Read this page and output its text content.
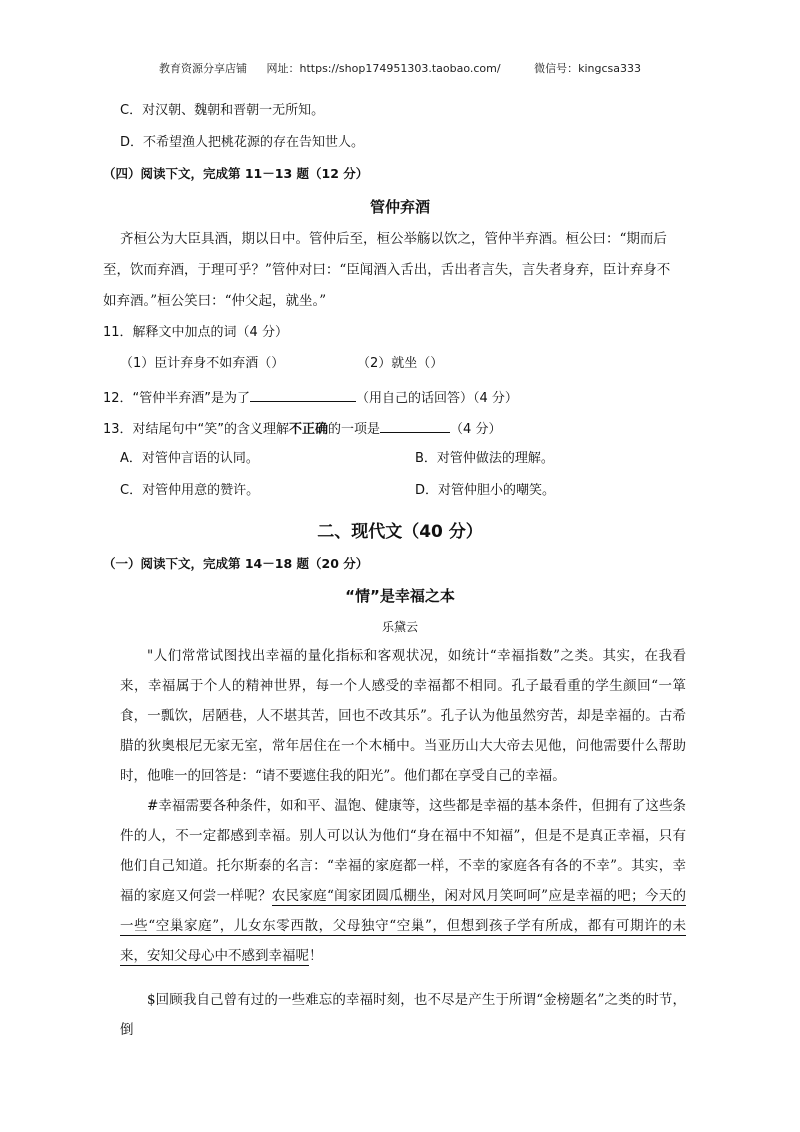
教育资源分享店铺 网址：https://shop174951303.taobao.com/	微信号：kingcsa333
C．对汉朝、魏朝和晋朝一无所知。
D．不希望渔人把桃花源的存在告知世人。
（四）阅读下文，完成第 11－13 题（12 分）
管仲弃酒
齐桓公为大臣具酒，期以日中。管仲后至，桓公举觞以饮之，管仲半弃酒。桓公曰：“期而后
至，饮而弃酒，于理可乎？”管仲对曰：“臣闻酒入舌出，舌出者言失，言失者身弃，臣计弃身不
如弃酒。”桓公笑曰：“仲父起，就坐。”
11．解释文中加点的词（4 分）
（1）臣计弃身不如弃酒（）	（2）就坐（）
12．“管仲半弃酒”是为了	（用自己的话回答）（4 分）
13．对结尾句中“笑”的含义理解不正确的一项是	（4 分）
A．对管仲言语的认同。	B．对管仲做法的理解。
C．对管仲用意的赞许。	D．对管仲胆小的嘲笑。
二、现代文（40 分）
（一）阅读下文，完成第 14－18 题（20 分）
“情”是幸福之本
乐黛云
"人们常常试图找出幸福的量化指标和客观状况，如统计“幸福指数”之类。其实，在我看来，幸福属于个人的精神世界，每一个人感受的幸福都不相同。孔子最看重的学生颜回“一箪食，一瓢饮，居陋巷，人不堪其苦，回也不改其乐”。孔子认为他虽然穷苦，却是幸福的。古希腊的狄奥根尼无家无室，常年居住在一个木桶中。当亚历山大大帝去见他，问他需要什么帮助时，他唯一的回答是：“请不要遮住我的阳光”。他们都在享受自己的幸福。
#幸福需要各种条件，如和平、温饱、健康等，这些都是幸福的基本条件，但拥有了这些条件的人，不一定都感到幸福。别人可以认为他们“身在福中不知福”，但是不是真正幸福，只有他们自己知道。托尔斯泰的名言：“幸福的家庭都一样，不幸的家庭各有各的不幸”。其实，幸福的家庭又何尝一样呢？农民家庭“闺家团圆瓜棚坐，闲对风月笑呵呵”应是幸福的吧；今天的一些“空巢家庭”，儿女东零西散，父母独守“空巢”，但想到孩子学有所成，都有可期许的未来，安知父母心中不感到幸福呢！
$回顾我自己曾有过的一些难忘的幸福时刻，也不尽是产生于所谓“金榜题名”之类的时节，倒
